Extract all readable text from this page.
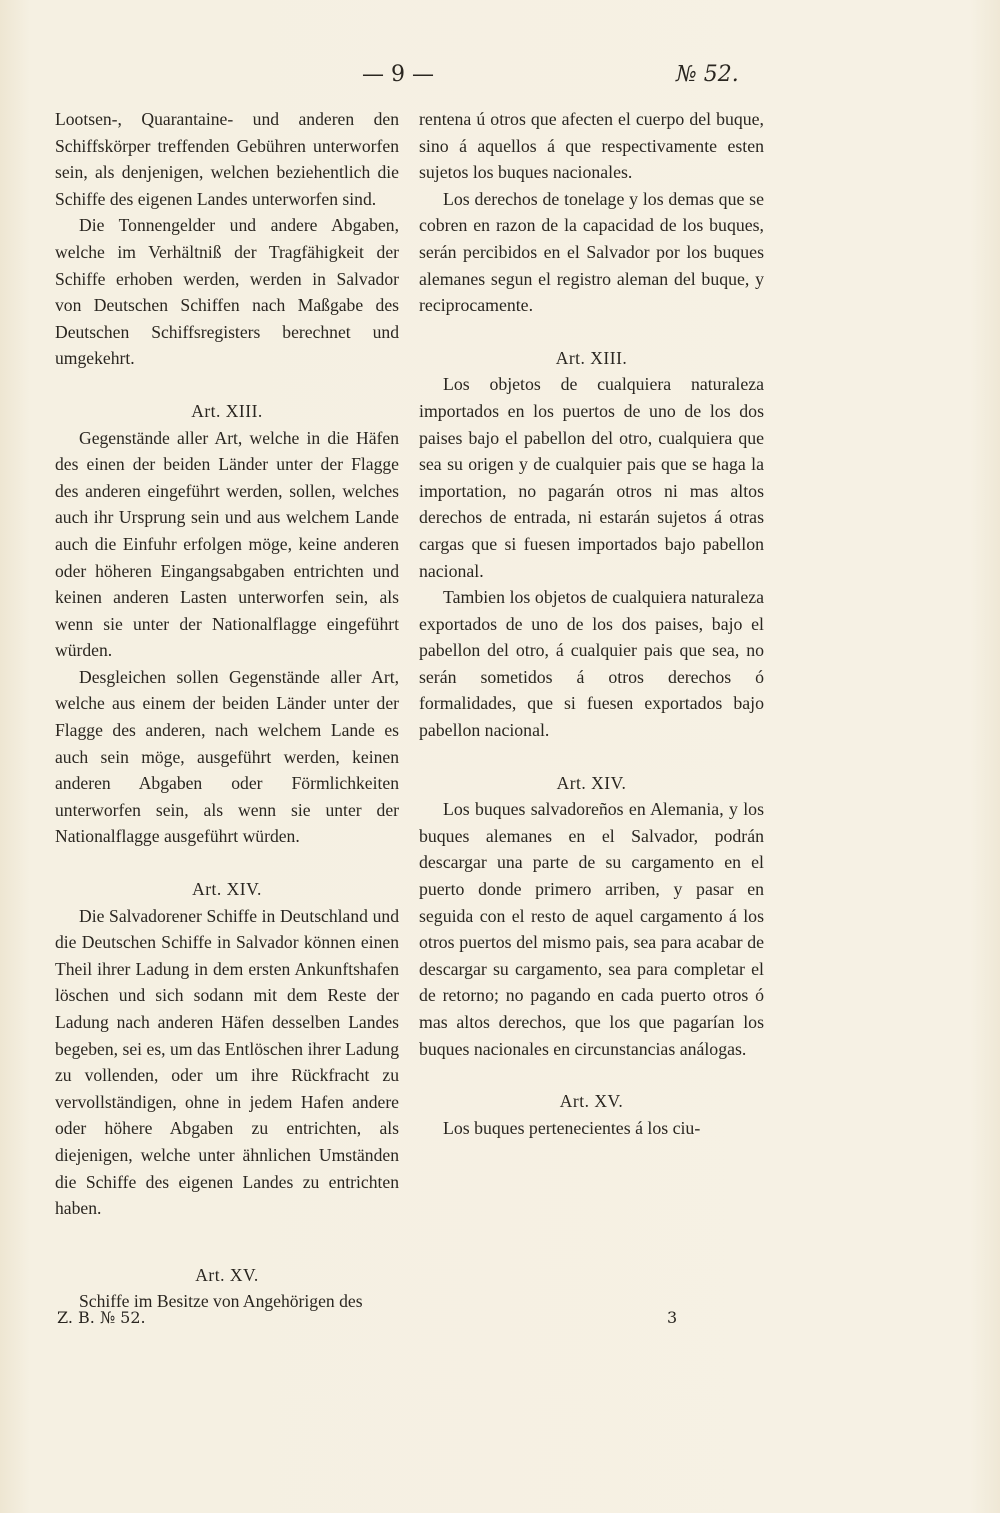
— 9 —	№ 52.

Lootsen-, Quarantaine- und anderen den Schiffskörper treffenden Gebühren unterworfen sein, als denjenigen, welchen beziehentlich die Schiffe des eigenen Landes unterworfen sind.

Die Tonnengelder und andere Abgaben, welche im Verhältniß der Tragfähigkeit der Schiffe erhoben werden, werden in Salvador von Deutschen Schiffen nach Maßgabe des Deutschen Schiffsregisters berechnet und umgekehrt.

Art. XIII.

Gegenstände aller Art, welche in die Häfen des einen der beiden Länder unter der Flagge des anderen eingeführt werden, sollen, welches auch ihr Ursprung sein und aus welchem Lande auch die Einfuhr erfolgen möge, keine anderen oder höheren Eingangsabgaben entrichten und keinen anderen Lasten unterworfen sein, als wenn sie unter der Nationalflagge eingeführt würden.

Desgleichen sollen Gegenstände aller Art, welche aus einem der beiden Länder unter der Flagge des anderen, nach welchem Lande es auch sein möge, ausgeführt werden, keinen anderen Abgaben oder Förmlichkeiten unterworfen sein, als wenn sie unter der Nationalflagge ausgeführt würden.

Art. XIV.

Die Salvadorener Schiffe in Deutschland und die Deutschen Schiffe in Salvador können einen Theil ihrer Ladung in dem ersten Ankunftshafen löschen und sich sodann mit dem Reste der Ladung nach anderen Häfen desselben Landes begeben, sei es, um das Entlöschen ihrer Ladung zu vollenden, oder um ihre Rückfracht zu vervollständigen, ohne in jedem Hafen andere oder höhere Abgaben zu entrichten, als diejenigen, welche unter ähnlichen Umständen die Schiffe des eigenen Landes zu entrichten haben.

Art. XV.

Schiffe im Besitze von Angehörigen des

rentena ú otros que afecten el cuerpo del buque, sino á aquellos á que respectivamente esten sujetos los buques nacionales.

Los derechos de tonelage y los demas que se cobren en razon de la capacidad de los buques, serán percibidos en el Salvador por los buques alemanes segun el registro aleman del buque, y reciprocamente.

Art. XIII.

Los objetos de cualquiera naturaleza importados en los puertos de uno de los dos paises bajo el pabellon del otro, cualquiera que sea su origen y de cualquier pais que se haga la importation, no pagarán otros ni mas altos derechos de entrada, ni estarán sujetos á otras cargas que si fuesen importados bajo pabellon nacional.

Tambien los objetos de cualquiera naturaleza exportados de uno de los dos paises, bajo el pabellon del otro, á cualquier pais que sea, no serán sometidos á otros derechos ó formalidades, que si fuesen exportados bajo pabellon nacional.

Art. XIV.

Los buques salvadoreños en Alemania, y los buques alemanes en el Salvador, podrán descargar una parte de su cargamento en el puerto donde primero arriben, y pasar en seguida con el resto de aquel cargamento á los otros puertos del mismo pais, sea para acabar de descargar su cargamento, sea para completar el de retorno; no pagando en cada puerto otros ó mas altos derechos, que los que pagarían los buques nacionales en circunstancias análogas.

Art. XV.

Los buques pertenecientes á los ciu-

Z. B. № 52.	3
